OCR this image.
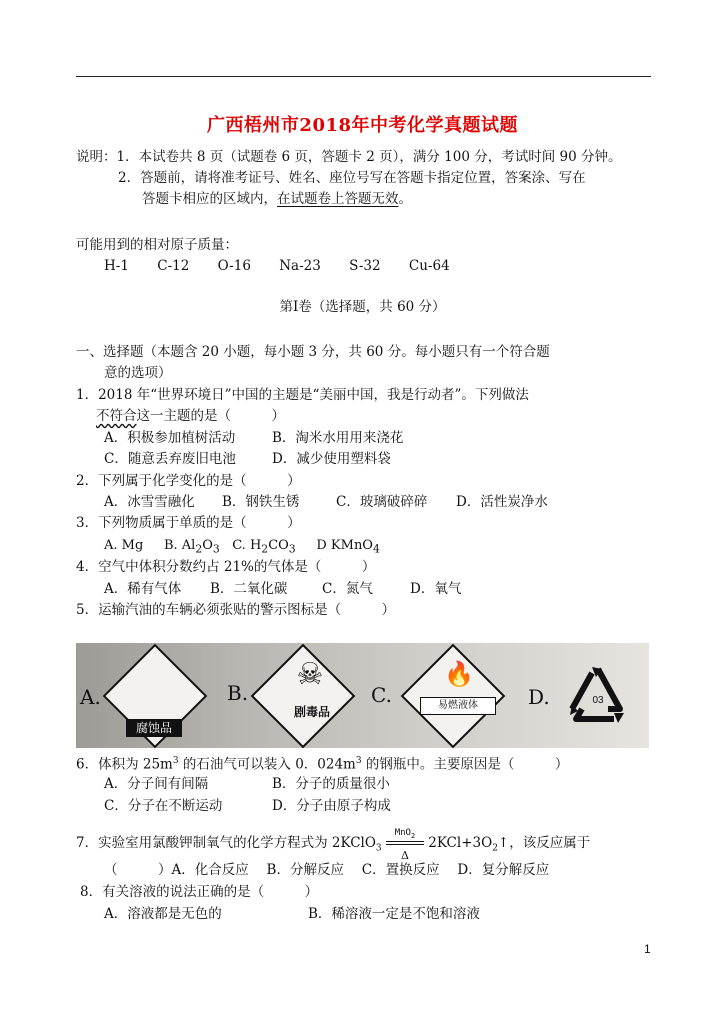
广西梧州市2018年中考化学真题试题
说明：1．本试卷共 8 页（试题卷 6 页，答题卡 2 页），满分 100 分，考试时间 90 分钟。
2．答题前，请将准考证号、姓名、座位号写在答题卡指定位置，答案涂、写在
答题卡相应的区域内，在试题卷上答题无效。
可能用到的相对原子质量：
H-1 C-12 O-16 Na-23 S-32 Cu-64
第Ⅰ卷（选择题，共 60 分）
一、选择题（本题含 20 小题，每小题 3 分，共 60 分。每小题只有一个符合题
意的选项）
1．2018 年“世界环境日”中国的主题是“美丽中国，我是行动者”。下列做法
不符合这一主题的是（　　　）
A．积极参加植树活动	B．淘米水用用来浇花
C．随意丢弃废旧电池	D．减少使用塑料袋
2．下列属于化学变化的是（　　　）
A．冰雪雪融化 B．钢铁生锈	C．玻璃破碎碎 D．活性炭净水
3．下列物质属于单质的是（　　　）
A. Mg B. $Al_2O_3$ C. $H_2CO_3$ D KMnO$_4$
4．空气中体积分数约占 21%的气体是（　　　）
A．稀有气体 B．二氧化碳	C．氮气	D．氧气
5．运输汽油的车辆必须张贴的警示图标是（　　　）
A.
腐蚀品
B.
☠
剧毒品
C.
🔥
易燃液体	D.	03
6．体积为 $25m^3$ 的石油气可以装入 0．$024m^3$ 的钢瓶中。主要原因是（　　　）
A．分子间有间隔	B．分子的质量很小
C．分子在不断运动	D．分子由原子构成
7．实验室用氯酸钾制氧气的化学方程式为 2KClO$_3$
MnO$_2$
Δ
$2KCl+3O_2↑$，该反应属于
（　　　）A．化合反应　 B．分解反应　 C．置换反应　 D．复分解反应
8．有关溶液的说法正确的是（　　　）
A．溶液都是无色的	B．稀溶液一定是不饱和溶液
1
